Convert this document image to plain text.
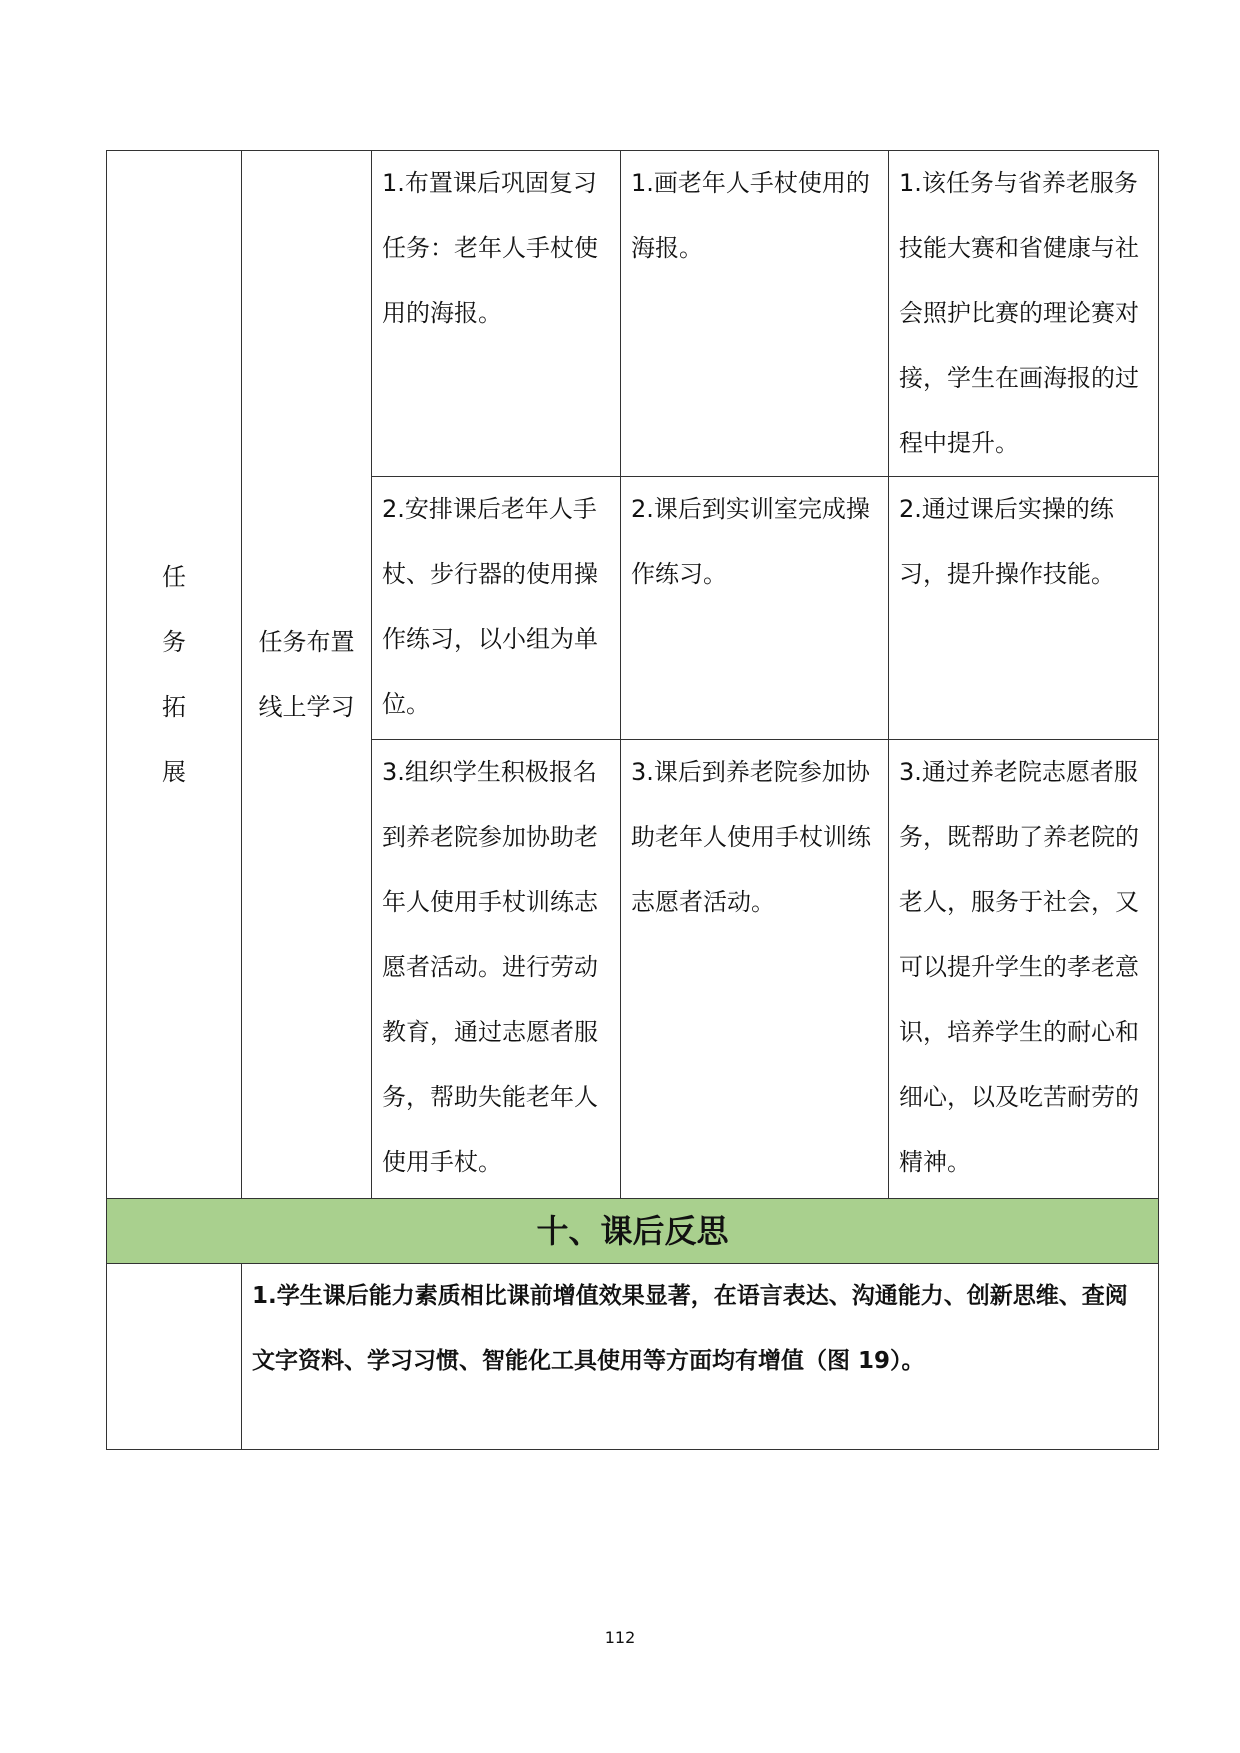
任
务
拓
展	任务布置线上学习	1.布置课后巩固复习任务：老年人手杖使用的海报。	1.画老年人手杖使用的海报。	1.该任务与省养老服务技能大赛和省健康与社会照护比赛的理论赛对接，学生在画海报的过程中提升。
		2.安排课后老年人手杖、步行器的使用操作练习，以小组为单位。	2.课后到实训室完成操作练习。	2.通过课后实操的练习，提升操作技能。
		3.组织学生积极报名到养老院参加协助老年人使用手杖训练志愿者活动。进行劳动教育，通过志愿者服务，帮助失能老年人使用手杖。	3.课后到养老院参加协助老年人使用手杖训练志愿者活动。	3.通过养老院志愿者服务，既帮助了养老院的老人，服务于社会，又可以提升学生的孝老意识，培养学生的耐心和细心，以及吃苦耐劳的精神。
十、课后反思				
	1.学生课后能力素质相比课前增值效果显著，在语言表达、沟通能力、创新思维、查阅文字资料、学习习惯、智能化工具使用等方面均有增值（图 19）。			
112
